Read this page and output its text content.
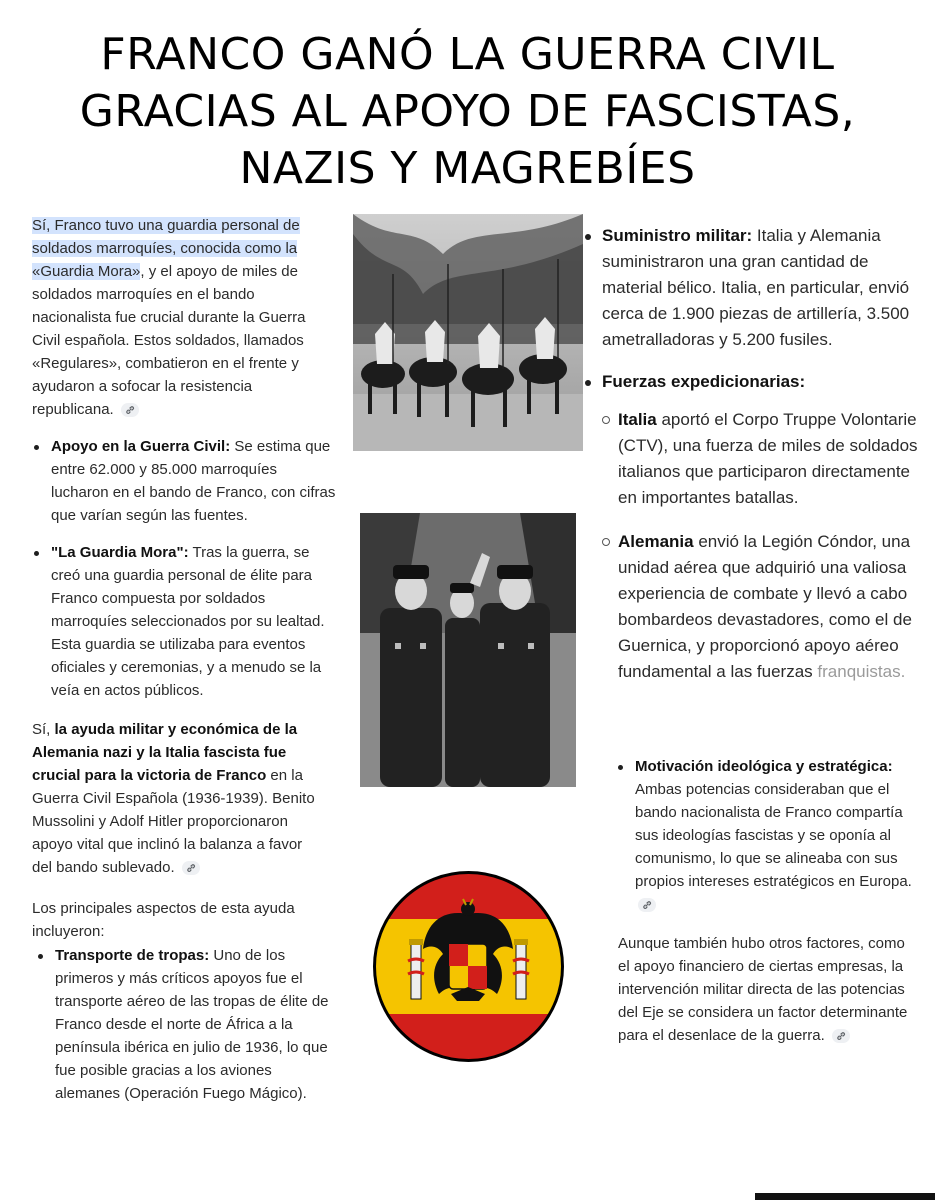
FRANCO GANÓ LA GUERRA CIVIL
GRACIAS AL APOYO DE FASCISTAS,
NAZIS Y MAGREBÍES

Sí, Franco tuvo una guardia personal de soldados marroquíes, conocida como la «Guardia Mora», y el apoyo de miles de soldados marroquíes en el bando nacionalista fue crucial durante la Guerra Civil española. Estos soldados, llamados «Regulares», combatieron en el frente y ayudaron a sofocar la resistencia republicana.

Apoyo en la Guerra Civil: Se estima que entre 62.000 y 85.000 marroquíes lucharon en el bando de Franco, con cifras que varían según las fuentes.
"La Guardia Mora": Tras la guerra, se creó una guardia personal de élite para Franco compuesta por soldados marroquíes seleccionados por su lealtad. Esta guardia se utilizaba para eventos oficiales y ceremonias, y a menudo se la veía en actos públicos.

Sí, la ayuda militar y económica de la Alemania nazi y la Italia fascista fue crucial para la victoria de Franco en la Guerra Civil Española (1936-1939). Benito Mussolini y Adolf Hitler proporcionaron apoyo vital que inclinó la balanza a favor del bando sublevado.

Los principales aspectos de esta ayuda incluyeron:

Transporte de tropas: Uno de los primeros y más críticos apoyos fue el transporte aéreo de las tropas de élite de Franco desde el norte de África a la península ibérica en julio de 1936, lo que fue posible gracias a los aviones alemanes (Operación Fuego Mágico).
Suministro militar: Italia y Alemania suministraron una gran cantidad de material bélico. Italia, en particular, envió cerca de 1.900 piezas de artillería, 3.500 ametralladoras y 5.200 fusiles.
Fuerzas expedicionarias:
Italia aportó el Corpo Truppe Volontarie (CTV), una fuerza de miles de soldados italianos que participaron directamente en importantes batallas.
Alemania envió la Legión Cóndor, una unidad aérea que adquirió una valiosa experiencia de combate y llevó a cabo bombardeos devastadores, como el de Guernica, y proporcionó apoyo aéreo fundamental a las fuerzas franquistas.
Motivación ideológica y estratégica: Ambas potencias consideraban que el bando nacionalista de Franco compartía sus ideologías fascistas y se oponía al comunismo, lo que se alineaba con sus propios intereses estratégicos en Europa.

Aunque también hubo otros factores, como el apoyo financiero de ciertas empresas, la intervención militar directa de las potencias del Eje se considera un factor determinante para el desenlace de la guerra.
